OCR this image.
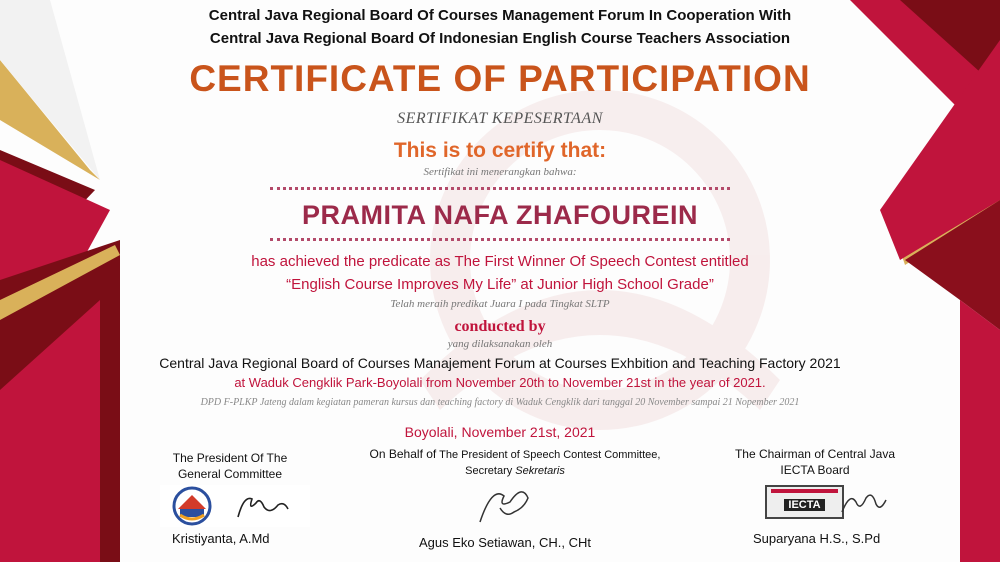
Central Java Regional Board Of Courses Management Forum In Cooperation With
Central Java Regional Board Of Indonesian English Course Teachers Association
CERTIFICATE OF PARTICIPATION
SERTIFIKAT KEPESERTAAN
This is to certify that:
Sertifikat ini menerangkan bahwa:
PRAMITA NAFA ZHAFOUREIN
has achieved the predicate as The First Winner Of Speech Contest entitled
“English Course Improves My Life” at Junior High School Grade”
Telah meraih predikat Juara I pada Tingkat SLTP
conducted by
yang dilaksanakan oleh
Central Java Regional Board of Courses Manajement Forum at Courses Exhbition and Teaching Factory 2021
at Waduk Cengklik Park-Boyolali from November 20th to November 21st in the year of 2021.
DPD F-PLKP Jateng dalam kegiatan pameran kursus dan teaching factory di Waduk Cengklik dari tanggal 20 November sampai 21 Nopember 2021
Boyolali, November 21st, 2021
The President Of The
General Committee
Kristiyanta, A.Md
On Behalf of The President of Speech Contest Committee,
Secretary Sekretaris
Agus Eko Setiawan, CH., CHt
The Chairman of Central Java
IECTA Board
IECTA
Suparyana H.S., S.Pd
